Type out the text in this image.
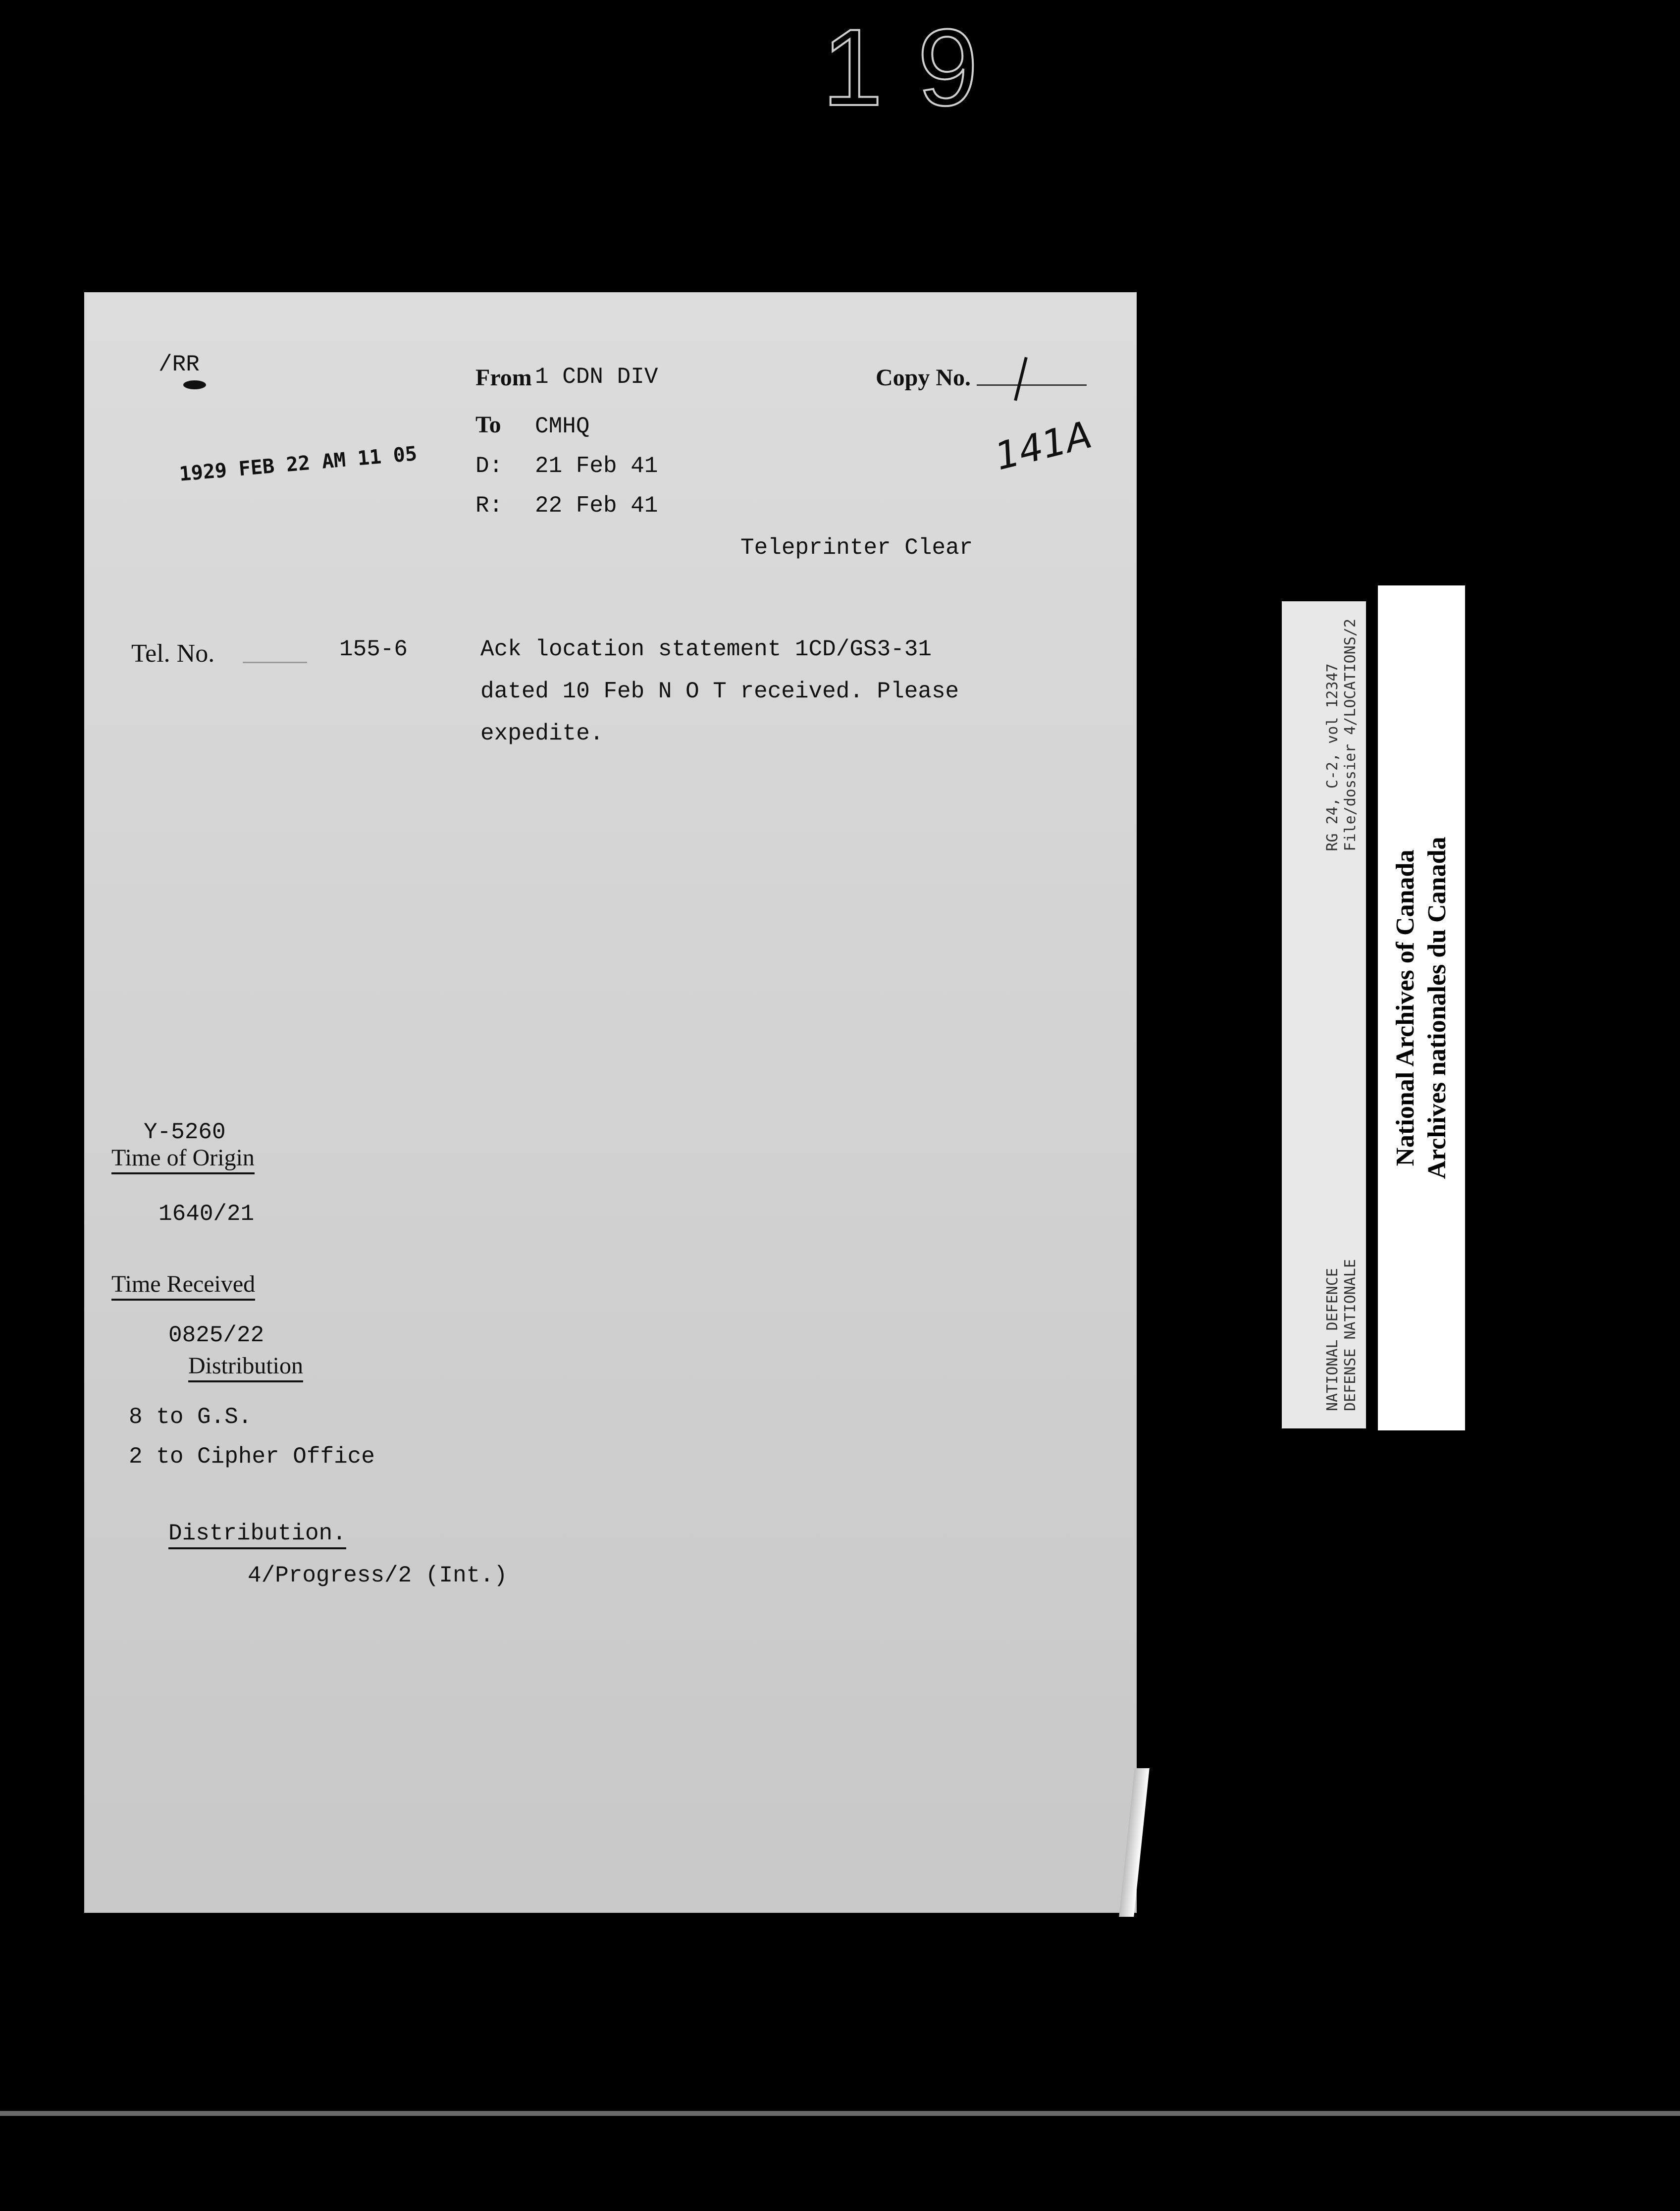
19
/RR
1929 FEB 22 AM 11 05
From 1 CDN DIV
To CMHQ
D: 21 Feb 41
R: 22 Feb 41
Copy No.
141A
Teleprinter Clear
Tel. No.	155-6	Ack location statement 1CD/GS3-31
dated 10 Feb N O T received. Please
expedite.
Y-5260
Time of Origin
1640/21
Time Received
0825/22
Distribution
8 to G.S.
2 to Cipher Office
Distribution.
4/Progress/2 (Int.)
NATIONAL DEFENCE DEFENSE NATIONALE
RG 24, C-2, vol 12347 File/dossier 4/LOCATIONS/2
National Archives of Canada Archives nationales du Canada
